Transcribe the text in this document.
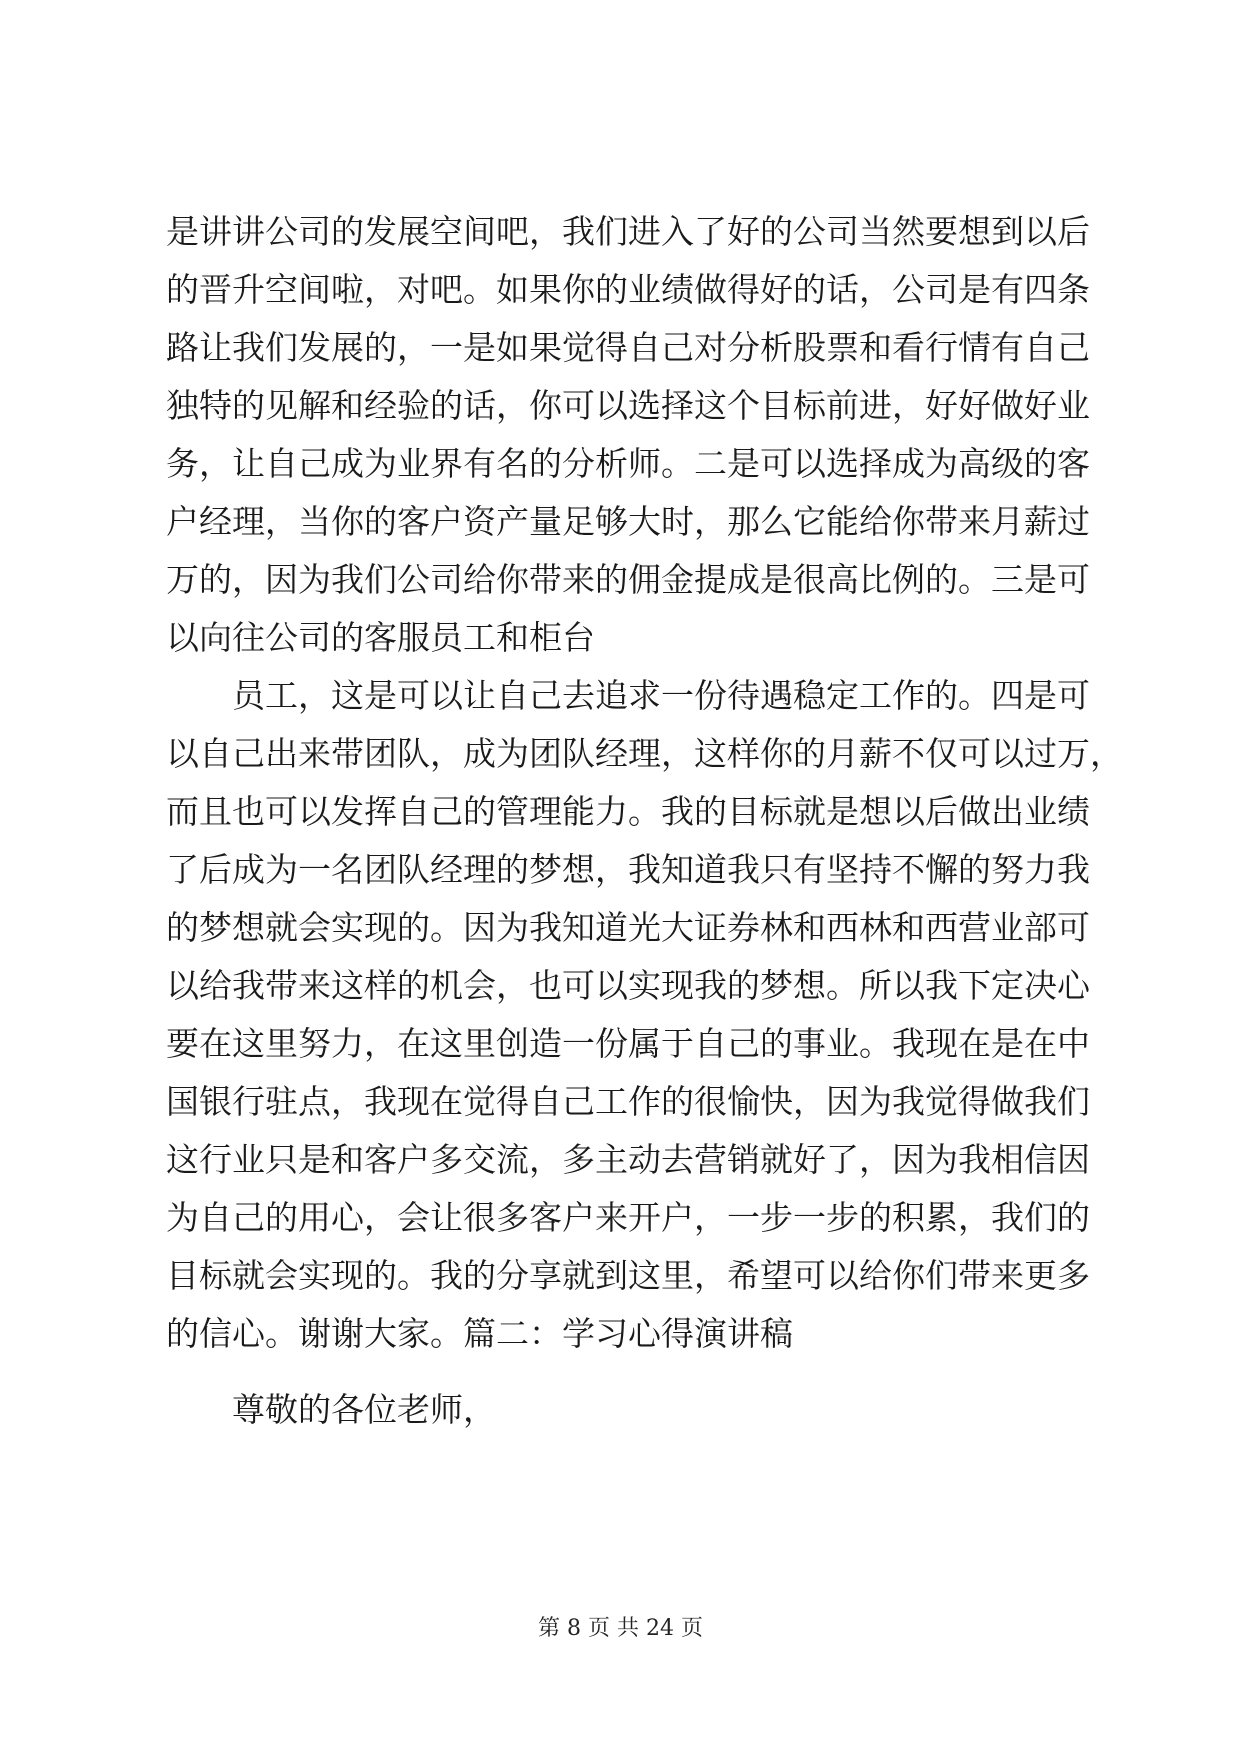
是讲讲公司的发展空间吧，我们进入了好的公司当然要想到以后
的晋升空间啦，对吧。如果你的业绩做得好的话，公司是有四条
路让我们发展的，一是如果觉得自己对分析股票和看行情有自己
独特的见解和经验的话，你可以选择这个目标前进，好好做好业
务，让自己成为业界有名的分析师。二是可以选择成为高级的客
户经理，当你的客户资产量足够大时，那么它能给你带来月薪过
万的，因为我们公司给你带来的佣金提成是很高比例的。三是可
以向往公司的客服员工和柜台
员工，这是可以让自己去追求一份待遇稳定工作的。四是可
以自己出来带团队，成为团队经理，这样你的月薪不仅可以过万，
而且也可以发挥自己的管理能力。我的目标就是想以后做出业绩
了后成为一名团队经理的梦想，我知道我只有坚持不懈的努力我
的梦想就会实现的。因为我知道光大证券林和西林和西营业部可
以给我带来这样的机会，也可以实现我的梦想。所以我下定决心
要在这里努力，在这里创造一份属于自己的事业。我现在是在中
国银行驻点，我现在觉得自己工作的很愉快，因为我觉得做我们
这行业只是和客户多交流，多主动去营销就好了，因为我相信因
为自己的用心，会让很多客户来开户，一步一步的积累，我们的
目标就会实现的。我的分享就到这里，希望可以给你们带来更多
的信心。谢谢大家。篇二：学习心得演讲稿
尊敬的各位老师，
第 8 页 共 24 页
